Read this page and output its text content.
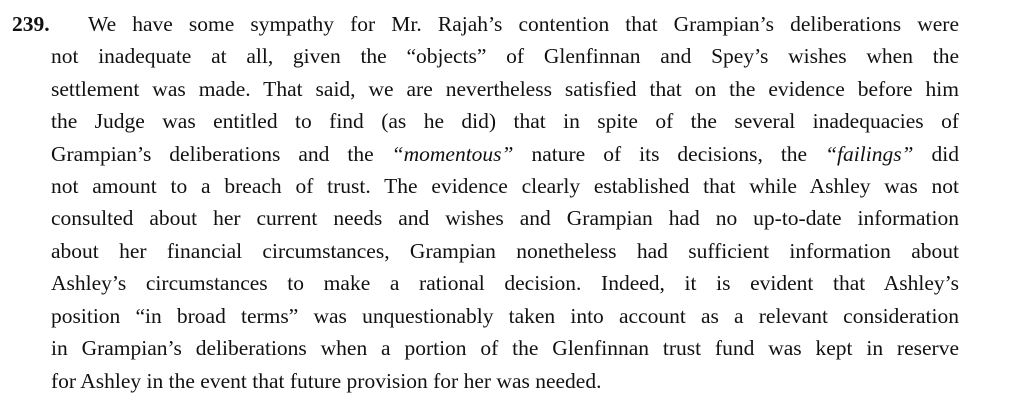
239. We have some sympathy for Mr. Rajah’s contention that Grampian’s deliberations were
not inadequate at all, given the “objects” of Glenfinnan and Spey’s wishes when the
settlement was made. That said, we are nevertheless satisfied that on the evidence before him
the Judge was entitled to find (as he did) that in spite of the several inadequacies of
Grampian’s deliberations and the “momentous” nature of its decisions, the “failings” did
not amount to a breach of trust. The evidence clearly established that while Ashley was not
consulted about her current needs and wishes and Grampian had no up-to-date information
about her financial circumstances, Grampian nonetheless had sufficient information about
Ashley’s circumstances to make a rational decision. Indeed, it is evident that Ashley’s
position “in broad terms” was unquestionably taken into account as a relevant consideration
in Grampian’s deliberations when a portion of the Glenfinnan trust fund was kept in reserve
for Ashley in the event that future provision for her was needed.
